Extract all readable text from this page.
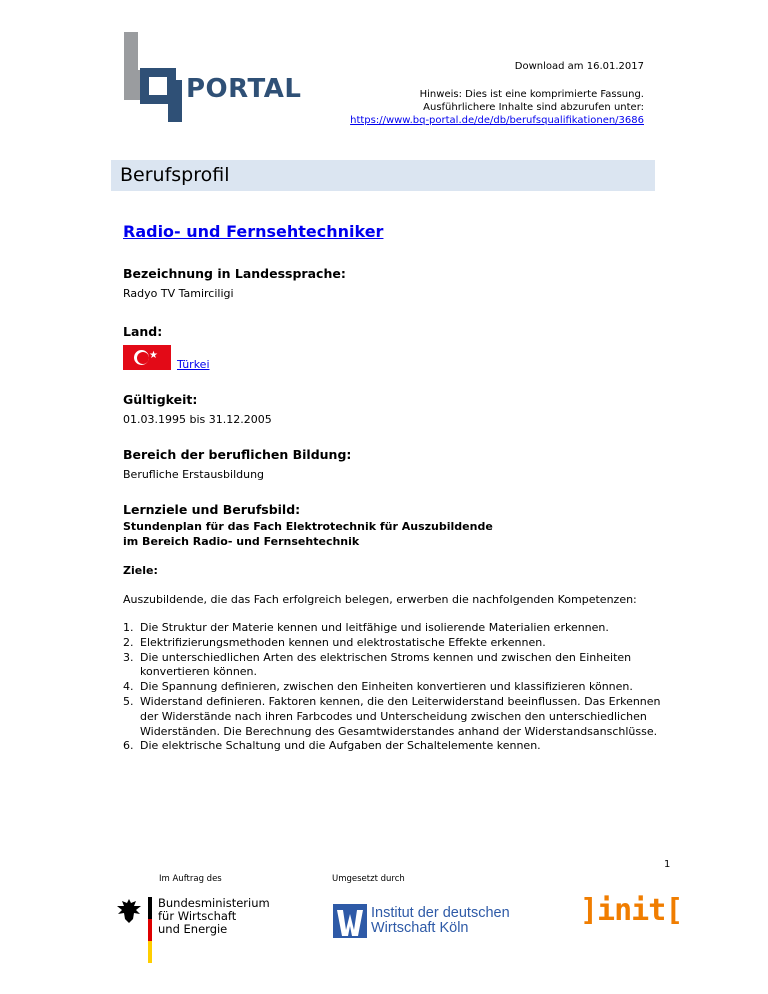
PORTAL
Download am 16.01.2017
Hinweis: Dies ist eine komprimierte Fassung.
Ausführlichere Inhalte sind abzurufen unter:
https://www.bq-portal.de/de/db/berufsqualifikationen/3686
Berufsprofil
Radio- und Fernsehtechniker
Bezeichnung in Landessprache:
Radyo TV Tamirciligi
Land:
★
Türkei
Gültigkeit:
01.03.1995 bis 31.12.2005
Bereich der beruflichen Bildung:
Berufliche Erstausbildung
Lernziele und Berufsbild:
Stundenplan für das Fach Elektrotechnik für Auszubildende
im Bereich Radio- und Fernsehtechnik
Ziele:
Auszubildende, die das Fach erfolgreich belegen, erwerben die nachfolgenden Kompetenzen:
1. Die Struktur der Materie kennen und leitfähige und isolierende Materialien erkennen.
2. Elektrifizierungsmethoden kennen und elektrostatische Effekte erkennen.
3. Die unterschiedlichen Arten des elektrischen Stroms kennen und zwischen den Einheiten konvertieren können.
4. Die Spannung definieren, zwischen den Einheiten konvertieren und klassifizieren können.
5. Widerstand definieren. Faktoren kennen, die den Leiterwiderstand beeinflussen. Das Erkennen der Widerstände nach ihren Farbcodes und Unterscheidung zwischen den unterschiedlichen Widerständen. Die Berechnung des Gesamtwiderstandes anhand der Widerstandsanschlüsse.
6. Die elektrische Schaltung und die Aufgaben der Schaltelemente kennen.
1
Im Auftrag des	Umgesetzt durch
Bundesministerium
für Wirtschaft
und Energie
Institut der deutschen
Wirtschaft Köln	]init[
